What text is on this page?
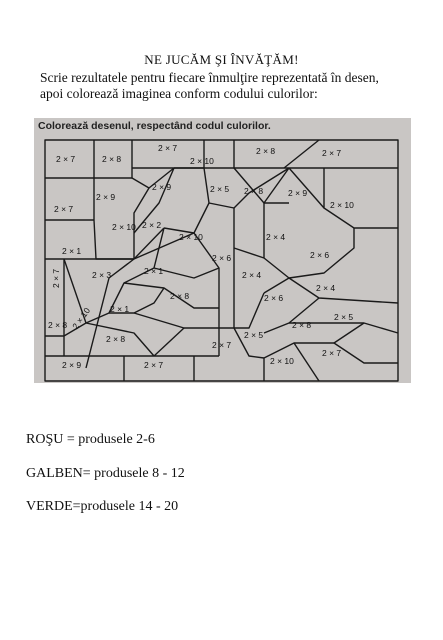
NE JUCĂM ŞI ÎNVĂŢĂM!
Scrie rezultatele pentru fiecare înmulţire reprezentată în desen,
apoi colorează imaginea conform codului culorilor:
2 × 7	2 × 8
2 × 7
2 × 10
2 × 8	2 × 7
2 × 7
2 × 9
2 × 9	2 × 5 2 × 8	2 × 9
2 × 10
2 × 10 2 × 2
2 × 10	2 × 4
2 × 1
2 × 6	2 × 6
2 × 7	2 × 3	2 × 1	2 × 4
2 × 10
2 × 8	2 × 6
2 × 4
2 × 8
2 × 1
2 × 8
2 × 5
2 × 8
2 × 7
2 × 5
2 × 7
2 × 10
2 × 9	2 × 7
Colorează desenul, respectând codul culorilor.
ROŞU = produsele 2-6
GALBEN= produsele 8 - 12
VERDE=produsele 14 - 20
